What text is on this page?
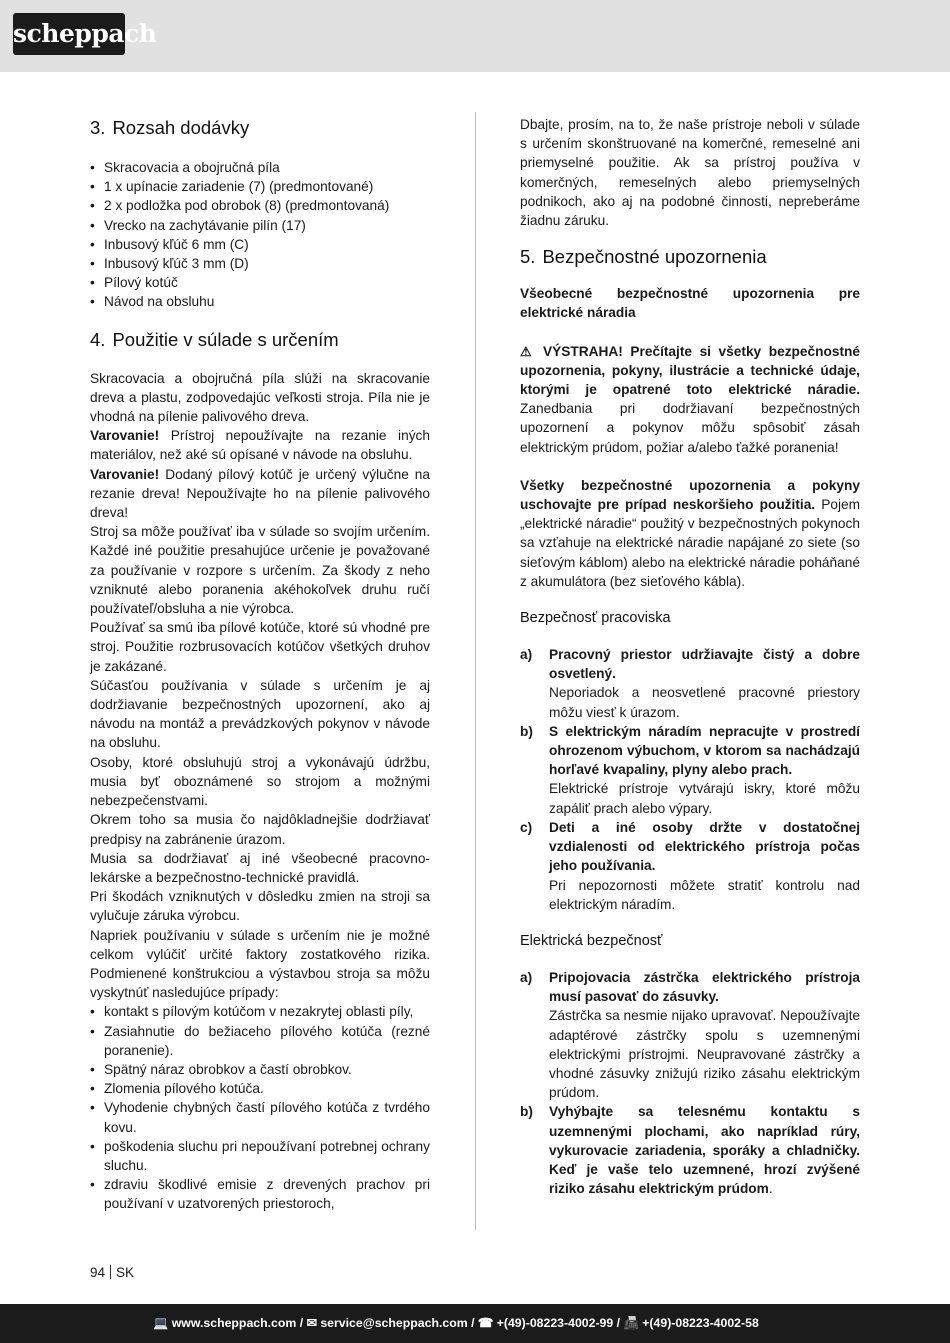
scheppach
3. Rozsah dodávky
• Skracovacia a obojručná píla
• 1 x upínacie zariadenie (7) (predmontované)
• 2 x podložka pod obrobok (8) (predmontovaná)
• Vrecko na zachytávanie pilín (17)
• Inbusový kľúč 6 mm (C)
• Inbusový kľúč 3 mm (D)
• Pílový kotúč
• Návod na obsluhu
4. Použitie v súlade s určením

Skracovacia a obojručná píla slúži na skracovanie dreva a plastu, zodpovedajúc veľkosti stroja. Píla nie je vhodná na pílenie palivového dreva.

Varovanie! Prístroj nepoužívajte na rezanie iných materiálov, než aké sú opísané v návode na obsluhu.

Varovanie! Dodaný pílový kotúč je určený výlučne na rezanie dreva! Nepoužívajte ho na pílenie palivového dreva!

Stroj sa môže používať iba v súlade so svojím určením. Každé iné použitie presahujúce určenie je považované za používanie v rozpore s určením. Za škody z neho vzniknuté alebo poranenia akéhokoľvek druhu ručí používateľ/obsluha a nie výrobca.

Používať sa smú iba pílové kotúče, ktoré sú vhodné pre stroj. Použitie rozbrusovacích kotúčov všetkých druhov je zakázané.

Súčasťou používania v súlade s určením je aj dodržiavanie bezpečnostných upozornení, ako aj návodu na montáž a prevádzkových pokynov v návode na obsluhu.

Osoby, ktoré obsluhujú stroj a vykonávajú údržbu, musia byť oboznámené so strojom a možnými nebezpečenstvami.

Okrem toho sa musia čo najdôkladnejšie dodržiavať predpisy na zabránenie úrazom.

Musia sa dodržiavať aj iné všeobecné pracovno-lekárske a bezpečnostno-technické pravidlá.

Pri škodách vzniknutých v dôsledku zmien na stroji sa vylučuje záruka výrobcu.

Napriek používaniu v súlade s určením nie je možné celkom vylúčiť určité faktory zostatkového rizika. Podmienené konštrukciou a výstavbou stroja sa môžu vyskytnúť nasledujúce prípady:

• kontakt s pílovým kotúčom v nezakrytej oblasti píly,
• Zasiahnutie do bežiaceho pílového kotúča (rezné poranenie).
• Spätný náraz obrobkov a častí obrobkov.
• Zlomenia pílového kotúča.
• Vyhodenie chybných častí pílového kotúča z tvrdého kovu.
• poškodenia sluchu pri nepoužívaní potrebnej ochrany sluchu.
• zdraviu škodlivé emisie z drevených prachov pri používaní v uzatvorených priestoroch,

Dbajte, prosím, na to, že naše prístroje neboli v súlade s určením skonštruované na komerčné, remeselné ani priemyselné použitie. Ak sa prístroj používa v komerčných, remeselných alebo priemyselných podnikoch, ako aj na podobné činnosti, nepreberáme žiadnu záruku.

5. Bezpečnostné upozornenia

Všeobecné bezpečnostné upozornenia pre elektrické náradia

⚠ VÝSTRAHA! Prečítajte si všetky bezpečnostné upozornenia, pokyny, ilustrácie a technické údaje, ktorými je opatrené toto elektrické náradie. Zanedbania pri dodržiavaní bezpečnostných upozornení a pokynov môžu spôsobiť zásah elektrickým prúdom, požiar a/alebo ťažké poranenia!

Všetky bezpečnostné upozornenia a pokyny uschovajte pre prípad neskoršieho použitia. Pojem „elektrické náradie“ použitý v bezpečnostných pokynoch sa vzťahuje na elektrické náradie napájané zo siete (so sieťovým káblom) alebo na elektrické náradie poháňané z akumulátora (bez sieťového kábla).

Bezpečnosť pracoviska
a)	Pracovný priestor udržiavajte čistý a dobre osvetlený.
Neporiadok a neosvetlené pracovné priestory môžu viesť k úrazom.
b)	S elektrickým náradím nepracujte v prostredí ohrozenom výbuchom, v ktorom sa nachádzajú horľavé kvapaliny, plyny alebo prach.
Elektrické prístroje vytvárajú iskry, ktoré môžu zapáliť prach alebo výpary.
c)	Deti a iné osoby držte v dostatočnej vzdialenosti od elektrického prístroja počas jeho používania.
Pri nepozornosti môžete stratiť kontrolu nad elektrickým náradím.
Elektrická bezpečnosť
a)	Pripojovacia zástrčka elektrického prístroja musí pasovať do zásuvky.
Zástrčka sa nesmie nijako upravovať. Nepoužívajte adaptérové zástrčky spolu s uzemnenými elektrickými prístrojmi. Neupravované zástrčky a vhodné zásuvky znižujú riziko zásahu elektrickým prúdom.
b)	Vyhýbajte sa telesnému kontaktu s uzemnenými plochami, ako napríklad rúry, vykurovacie zariadenia, sporáky a chladničky. Keď je vaše telo uzemnené, hrozí zvýšené riziko zásahu elektrickým prúdom.
94 SK
💻 www.scheppach.com / ✉ service@scheppach.com / ☎ +(49)-08223-4002-99 / 📠 +(49)-08223-4002-58
